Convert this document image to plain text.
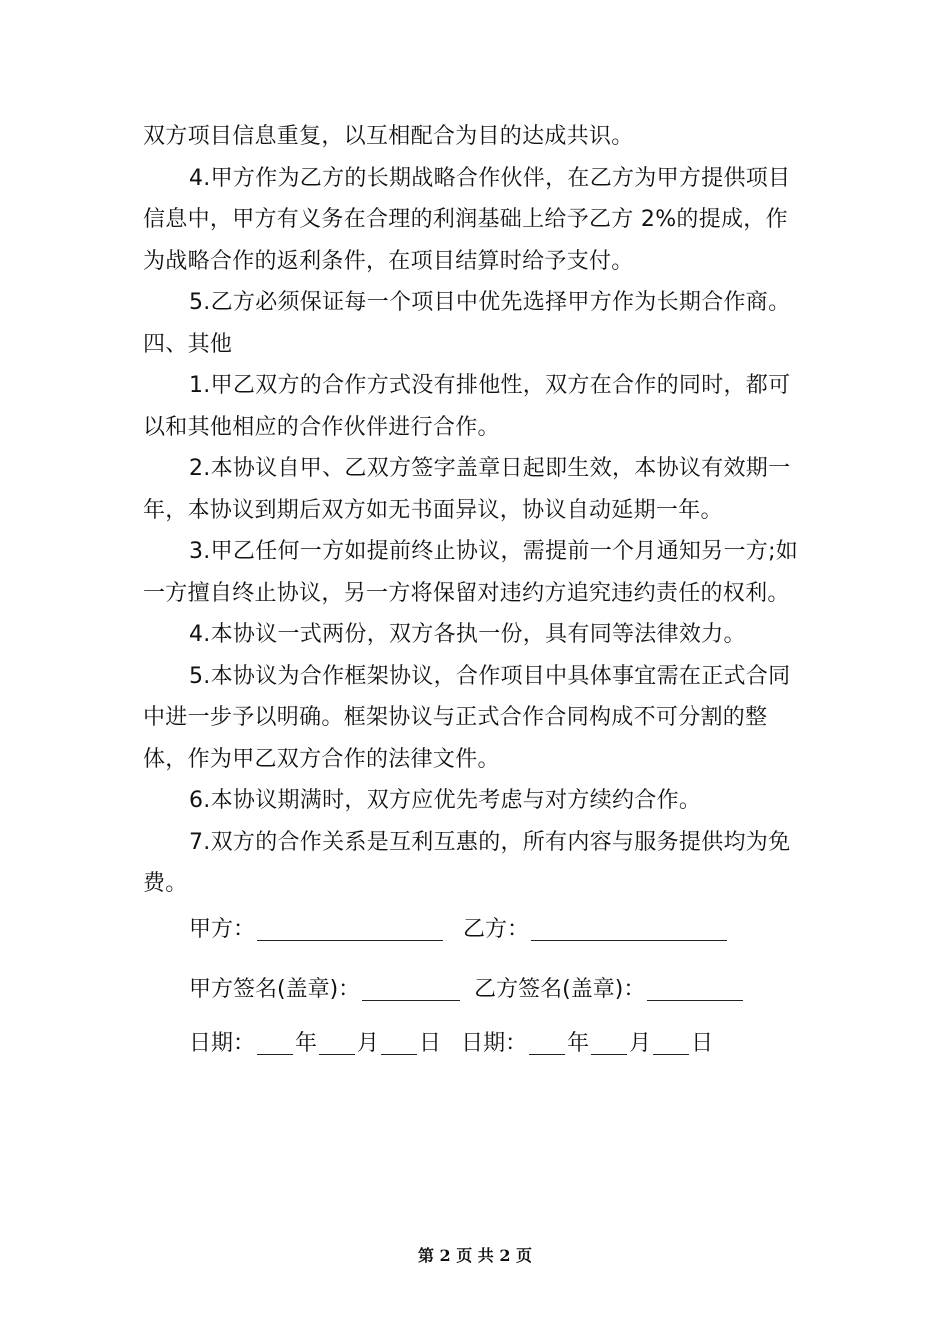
双方项目信息重复，以互相配合为目的达成共识。

4.甲方作为乙方的长期战略合作伙伴，在乙方为甲方提供项目信息中，甲方有义务在合理的利润基础上给予乙方 2%的提成，作为战略合作的返利条件，在项目结算时给予支付。

5.乙方必须保证每一个项目中优先选择甲方作为长期合作商。

四、其他

1.甲乙双方的合作方式没有排他性，双方在合作的同时，都可以和其他相应的合作伙伴进行合作。

2.本协议自甲、乙双方签字盖章日起即生效，本协议有效期一年，本协议到期后双方如无书面异议，协议自动延期一年。

3.甲乙任何一方如提前终止协议，需提前一个月通知另一方;如一方擅自终止协议，另一方将保留对违约方追究违约责任的权利。

4.本协议一式两份，双方各执一份，具有同等法律效力。

5.本协议为合作框架协议，合作项目中具体事宜需在正式合同中进一步予以明确。框架协议与正式合作合同构成不可分割的整体，作为甲乙双方合作的法律文件。

6.本协议期满时，双方应优先考虑与对方续约合作。

7.双方的合作关系是互利互惠的，所有内容与服务提供均为免费。

甲方：	乙方：
甲方签名(盖章)：	乙方签名(盖章)：
日期： 年 月 日 日期： 年 月 日
第 2 页 共 2 页
